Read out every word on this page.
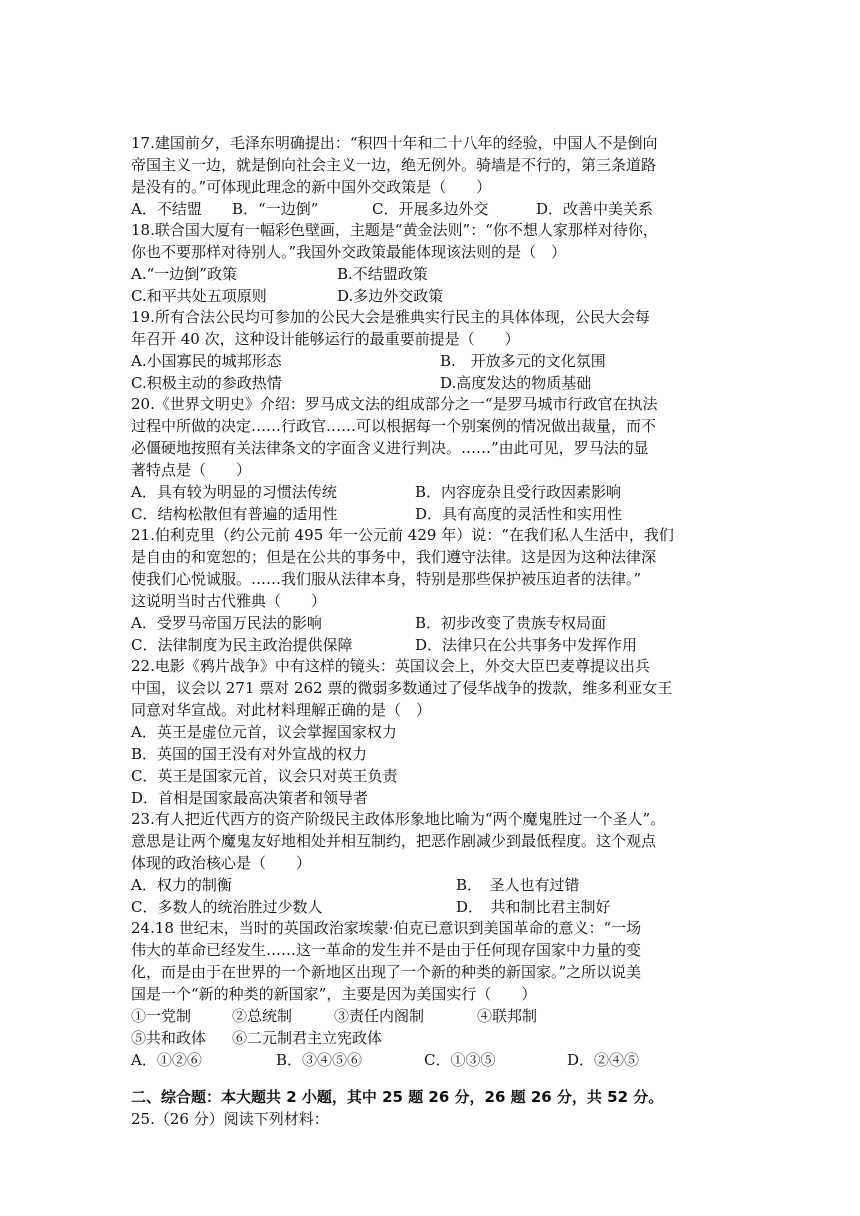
17.建国前夕，毛泽东明确提出：“积四十年和二十八年的经验，中国人不是倒向
帝国主义一边，就是倒向社会主义一边，绝无例外。骑墙是不行的，第三条道路
是没有的。”可体现此理念的新中国外交政策是（　　）
A．不结盟 B．“一边倒”	C．开展多边外交	D．改善中美关系
18.联合国大厦有一幅彩色壁画，主题是“黄金法则”：“你不想人家那样对待你，
你也不要那样对待别人。”我国外交政策最能体现该法则的是（　）
A.“一边倒”政策	B.不结盟政策
C.和平共处五项原则	D.多边外交政策
19.所有合法公民均可参加的公民大会是雅典实行民主的具体体现，公民大会每
年召开 40 次，这种设计能够运行的最重要前提是（　　）
A.小国寡民的城邦形态	B.　开放多元的文化氛围
C.积极主动的参政热情	D.高度发达的物质基础
20.《世界文明史》介绍：罗马成文法的组成部分之一“是罗马城市行政官在执法
过程中所做的决定……行政官……可以根据每一个别案例的情况做出裁量，而不
必僵硬地按照有关法律条文的字面含义进行判决。……”由此可见，罗马法的显
著特点是（　　）
A．具有较为明显的习惯法传统	B．内容庞杂且受行政因素影响
C．结构松散但有普遍的适用性	D．具有高度的灵活性和实用性
21.伯利克里（约公元前 495 年一公元前 429 年）说：“在我们私人生活中，我们
是自由的和宽恕的；但是在公共的事务中，我们遵守法律。这是因为这种法律深
使我们心悦诚服。……我们服从法律本身，特别是那些保护被压迫者的法律。”
这说明当时古代雅典（　　）
A．受罗马帝国万民法的影响	B．初步改变了贵族专权局面
C．法律制度为民主政治提供保障	D．法律只在公共事务中发挥作用
22.电影《鸦片战争》中有这样的镜头：英国议会上，外交大臣巴麦尊提议出兵
中国，议会以 271 票对 262 票的微弱多数通过了侵华战争的拨款，维多利亚女王
同意对华宣战。对此材料理解正确的是（　）
A．英王是虚位元首，议会掌握国家权力
B．英国的国王没有对外宣战的权力
C．英王是国家元首，议会只对英王负责
D．首相是国家最高决策者和领导者
23.有人把近代西方的资产阶级民主政体形象地比喻为“两个魔鬼胜过一个圣人”。
意思是让两个魔鬼友好地相处并相互制约，把恶作剧减少到最低程度。这个观点
体现的政治核心是（　　）
A．权力的制衡	B．　圣人也有过错
C．多数人的统治胜过少数人	D．　共和制比君主制好
24.18 世纪末，当时的英国政治家埃蒙·伯克已意识到美国革命的意义：“一场
伟大的革命已经发生……这一革命的发生并不是由于任何现存国家中力量的变
化，而是由于在世界的一个新地区出现了一个新的种类的新国家。”之所以说美
国是一个“新的种类的新国家”，主要是因为美国实行（　　）
①一党制	②总统制	③责任内阁制	④联邦制
⑤共和政体 ⑥二元制君主立宪政体
A．①②⑥	B．③④⑤⑥	C．①③⑤	D．②④⑤
二、综合题：本大题共 2 小题，其中 25 题 26 分，26 题 26 分，共 52 分。
25.（26 分）阅读下列材料：
